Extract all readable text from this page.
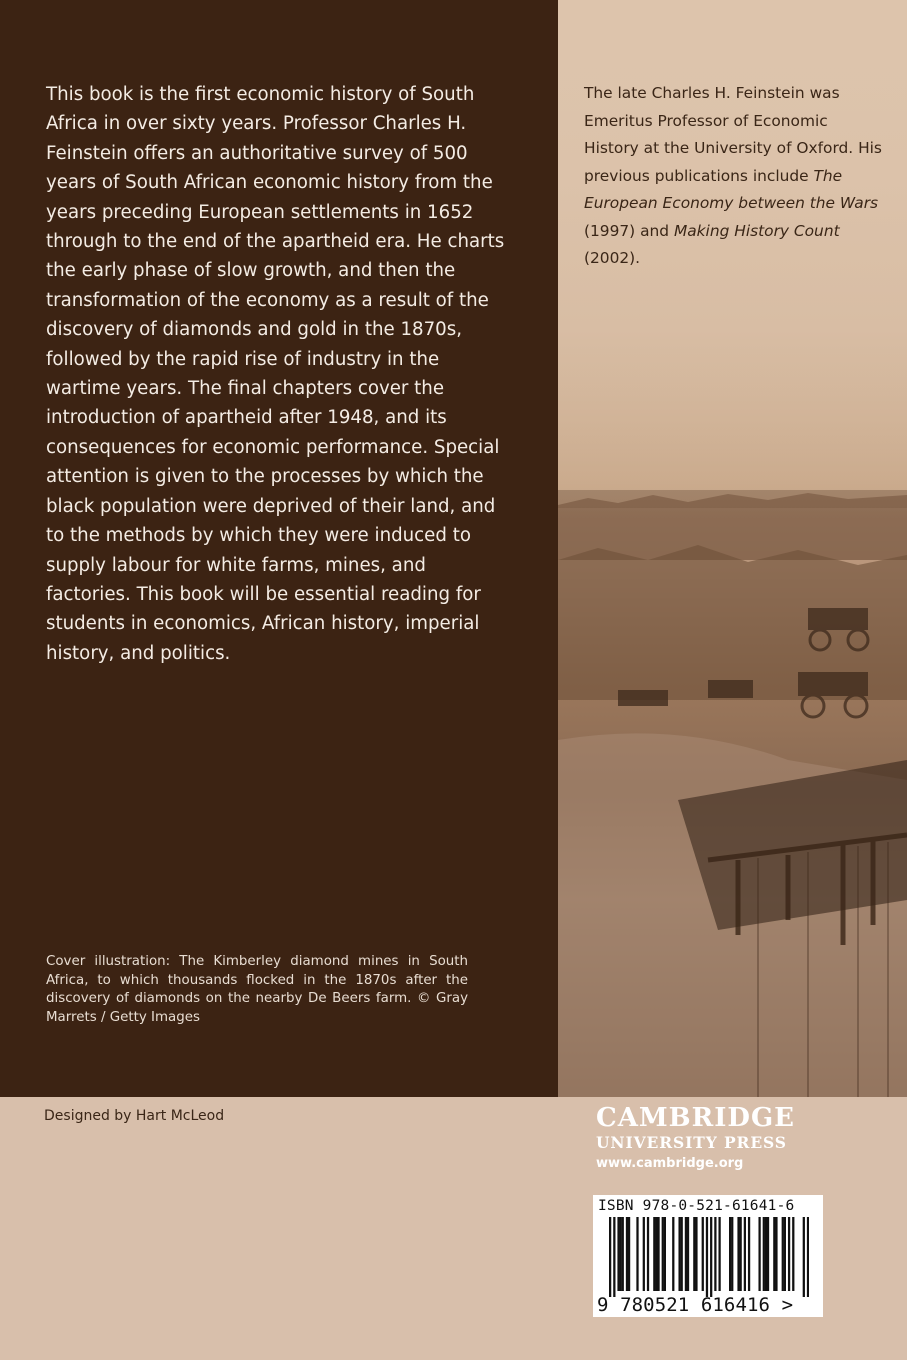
This book is the first economic history of South Africa in over sixty years. Professor Charles H. Feinstein offers an authoritative survey of 500 years of South African economic history from the years preceding European settlements in 1652 through to the end of the apartheid era. He charts the early phase of slow growth, and then the transformation of the economy as a result of the discovery of diamonds and gold in the 1870s, followed by the rapid rise of industry in the wartime years. The final chapters cover the introduction of apartheid after 1948, and its consequences for economic performance. Special attention is given to the processes by which the black population were deprived of their land, and to the methods by which they were induced to supply labour for white farms, mines, and factories. This book will be essential reading for students in economics, African history, imperial history, and politics.

Cover illustration: The Kimberley diamond mines in South Africa, to which thousands flocked in the 1870s after the discovery of diamonds on the nearby De Beers farm. © Gray Marrets / Getty Images

The late Charles H. Feinstein was Emeritus Professor of Economic History at the University of Oxford. His previous publications include The European Economy between the Wars (1997) and Making History Count (2002).

Designed by Hart McLeod	CAMBRIDGE
UNIVERSITY PRESS
www.cambridge.org
ISBN 978-0-521-61641-6
9 780521 616416 >
